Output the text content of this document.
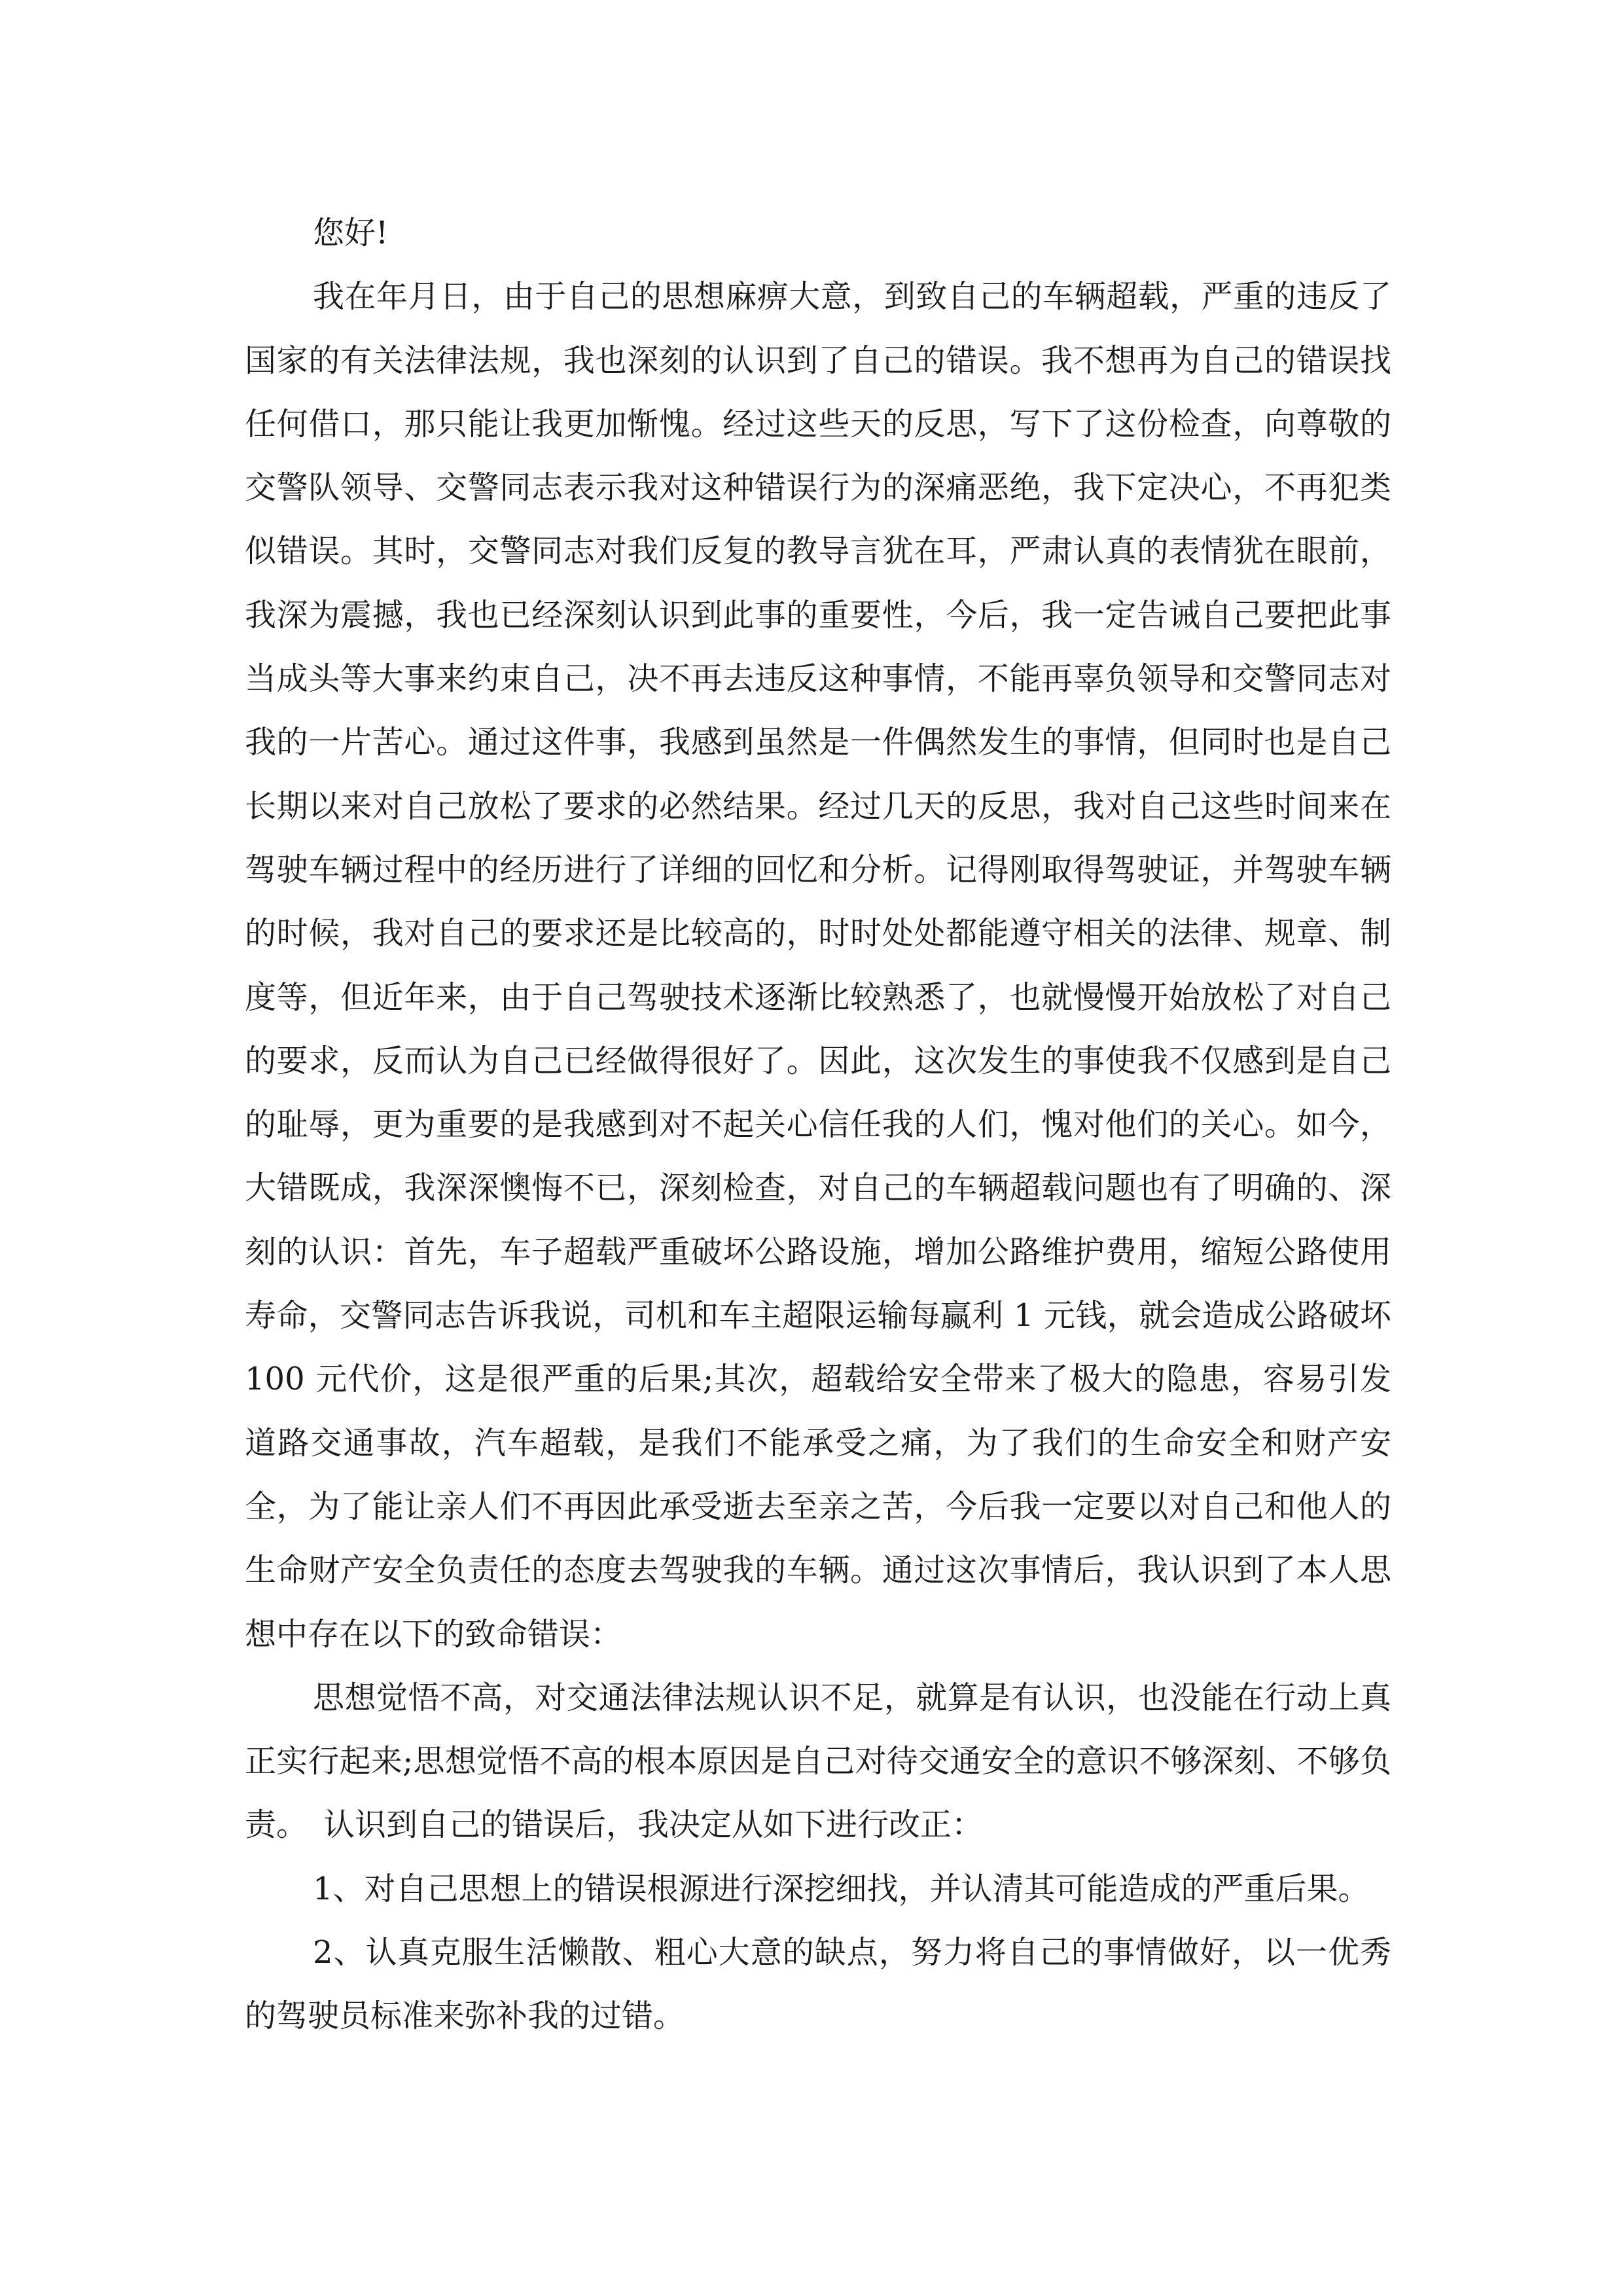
您好!

我在年月日，由于自己的思想麻痹大意，到致自己的车辆超载，严重的违反了国家的有关法律法规，我也深刻的认识到了自己的错误。我不想再为自己的错误找任何借口，那只能让我更加惭愧。经过这些天的反思，写下了这份检查，向尊敬的交警队领导、交警同志表示我对这种错误行为的深痛恶绝，我下定决心，不再犯类似错误。其时，交警同志对我们反复的教导言犹在耳，严肃认真的表情犹在眼前，我深为震撼，我也已经深刻认识到此事的重要性，今后，我一定告诫自己要把此事当成头等大事来约束自己，决不再去违反这种事情，不能再辜负领导和交警同志对我的一片苦心。通过这件事，我感到虽然是一件偶然发生的事情，但同时也是自己长期以来对自己放松了要求的必然结果。经过几天的反思，我对自己这些时间来在驾驶车辆过程中的经历进行了详细的回忆和分析。记得刚取得驾驶证，并驾驶车辆的时候，我对自己的要求还是比较高的，时时处处都能遵守相关的法律、规章、制度等，但近年来，由于自己驾驶技术逐渐比较熟悉了，也就慢慢开始放松了对自己的要求，反而认为自己已经做得很好了。因此，这次发生的事使我不仅感到是自己的耻辱，更为重要的是我感到对不起关心信任我的人们，愧对他们的关心。如今，大错既成，我深深懊悔不已，深刻检查，对自己的车辆超载问题也有了明确的、深刻的认识：首先，车子超载严重破坏公路设施，增加公路维护费用，缩短公路使用寿命，交警同志告诉我说，司机和车主超限运输每赢利 1 元钱，就会造成公路破坏 100 元代价，这是很严重的后果;其次，超载给安全带来了极大的隐患，容易引发道路交通事故，汽车超载，是我们不能承受之痛，为了我们的生命安全和财产安全，为了能让亲人们不再因此承受逝去至亲之苦，今后我一定要以对自己和他人的生命财产安全负责任的态度去驾驶我的车辆。通过这次事情后，我认识到了本人思想中存在以下的致命错误：

思想觉悟不高，对交通法律法规认识不足，就算是有认识，也没能在行动上真正实行起来;思想觉悟不高的根本原因是自己对待交通安全的意识不够深刻、不够负责。　认识到自己的错误后，我决定从如下进行改正：

1、对自己思想上的错误根源进行深挖细找，并认清其可能造成的严重后果。

2、认真克服生活懒散、粗心大意的缺点，努力将自己的事情做好，以一优秀的驾驶员标准来弥补我的过错。
